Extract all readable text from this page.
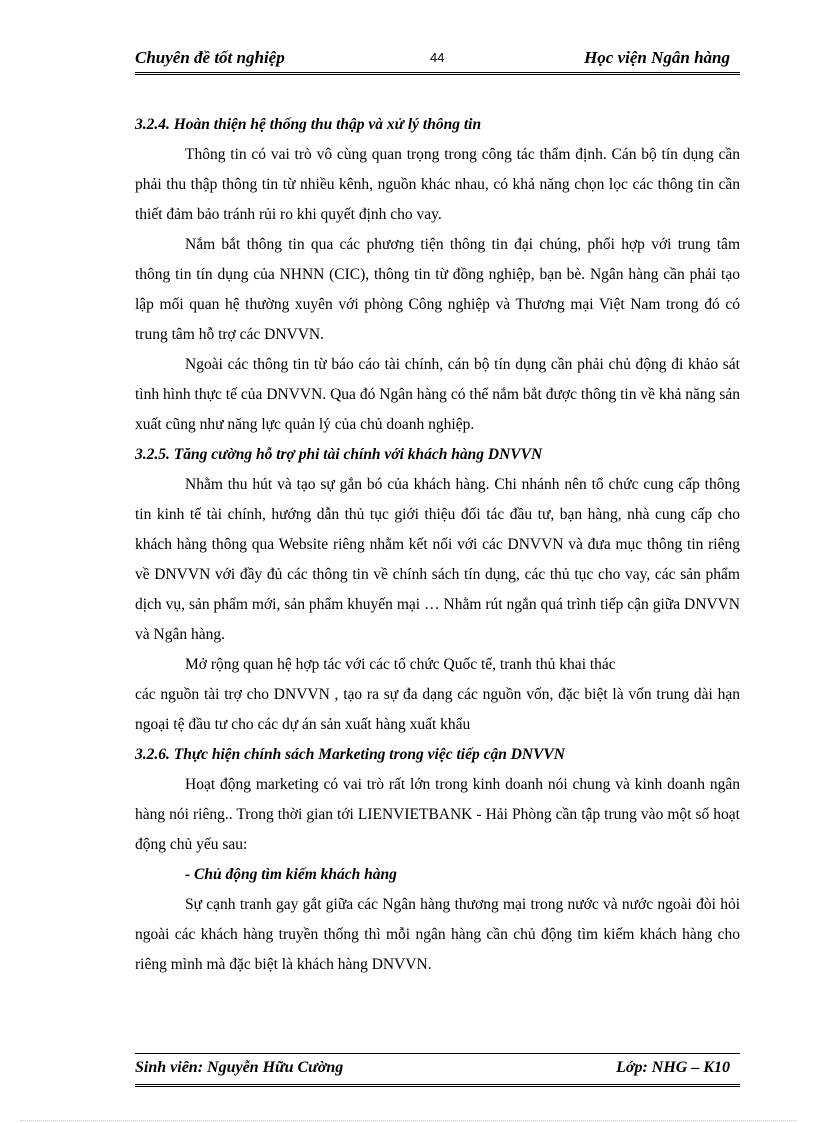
Chuyên đề tốt nghiệp	44	Học viện Ngân hàng
3.2.4. Hoàn thiện hệ thống thu thập và xử lý thông tin

Thông tin có vai trò vô cùng quan trọng trong công tác thẩm định. Cán bộ tín dụng cần phải thu thập thông tin từ nhiều kênh, nguồn khác nhau, có khả năng chọn lọc các thông tin cần thiết đảm bảo tránh rủi ro khi quyết định cho vay.

Nắm bắt thông tin qua các phương tiện thông tin đại chúng, phối hợp với trung tâm thông tin tín dụng của NHNN (CIC), thông tin từ đồng nghiệp, bạn bè. Ngân hàng cần phải tạo lập mối quan hệ thường xuyên với phòng Công nghiệp và Thương mại Việt Nam trong đó có trung tâm hỗ trợ các DNVVN.

Ngoài các thông tin từ báo cáo tài chính, cán bộ tín dụng cần phải chủ động đi khảo sát tình hình thực tế của DNVVN. Qua đó Ngân hàng có thể nắm bắt được thông tin về khả năng sản xuất cũng như năng lực quản lý của chủ doanh nghiệp.

3.2.5. Tăng cường hỗ trợ phi tài chính với khách hàng DNVVN

Nhằm thu hút và tạo sự gắn bó của khách hàng. Chi nhánh nên tổ chức cung cấp thông tin kinh tế tài chính, hướng dẫn thủ tục giới thiệu đối tác đầu tư, bạn hàng, nhà cung cấp cho khách hàng thông qua Website riêng nhằm kết nối với các DNVVN và đưa mục thông tin riêng về DNVVN với đầy đủ các thông tin về chính sách tín dụng, các thủ tục cho vay, các sản phẩm dịch vụ, sản phẩm mới, sản phẩm khuyến mại … Nhằm rút ngắn quá trình tiếp cận giữa DNVVN và Ngân hàng.

Mở rộng quan hệ hợp tác với các tổ chức Quốc tế, tranh thủ khai thác

các nguồn tài trợ cho DNVVN , tạo ra sự đa dạng các nguồn vốn, đặc biệt là vốn trung dài hạn ngoại tệ đầu tư cho các dự án sản xuất hàng xuất khẩu

3.2.6. Thực hiện chính sách Marketing trong việc tiếp cận DNVVN

Hoạt động marketing có vai trò rất lớn trong kinh doanh nói chung và kinh doanh ngân hàng nói riêng.. Trong thời gian tới LIENVIETBANK - Hải Phòng cần tập trung vào một số hoạt động chủ yếu sau:

- Chủ động tìm kiếm khách hàng

Sự cạnh tranh gay gắt giữa các Ngân hàng thương mại trong nước và nước ngoài đòi hỏi ngoài các khách hàng truyền thống thì mỗi ngân hàng cần chủ động tìm kiếm khách hàng cho riêng mình mà đặc biệt là khách hàng DNVVN.

Sinh viên: Nguyễn Hữu Cường	Lớp: NHG – K10
